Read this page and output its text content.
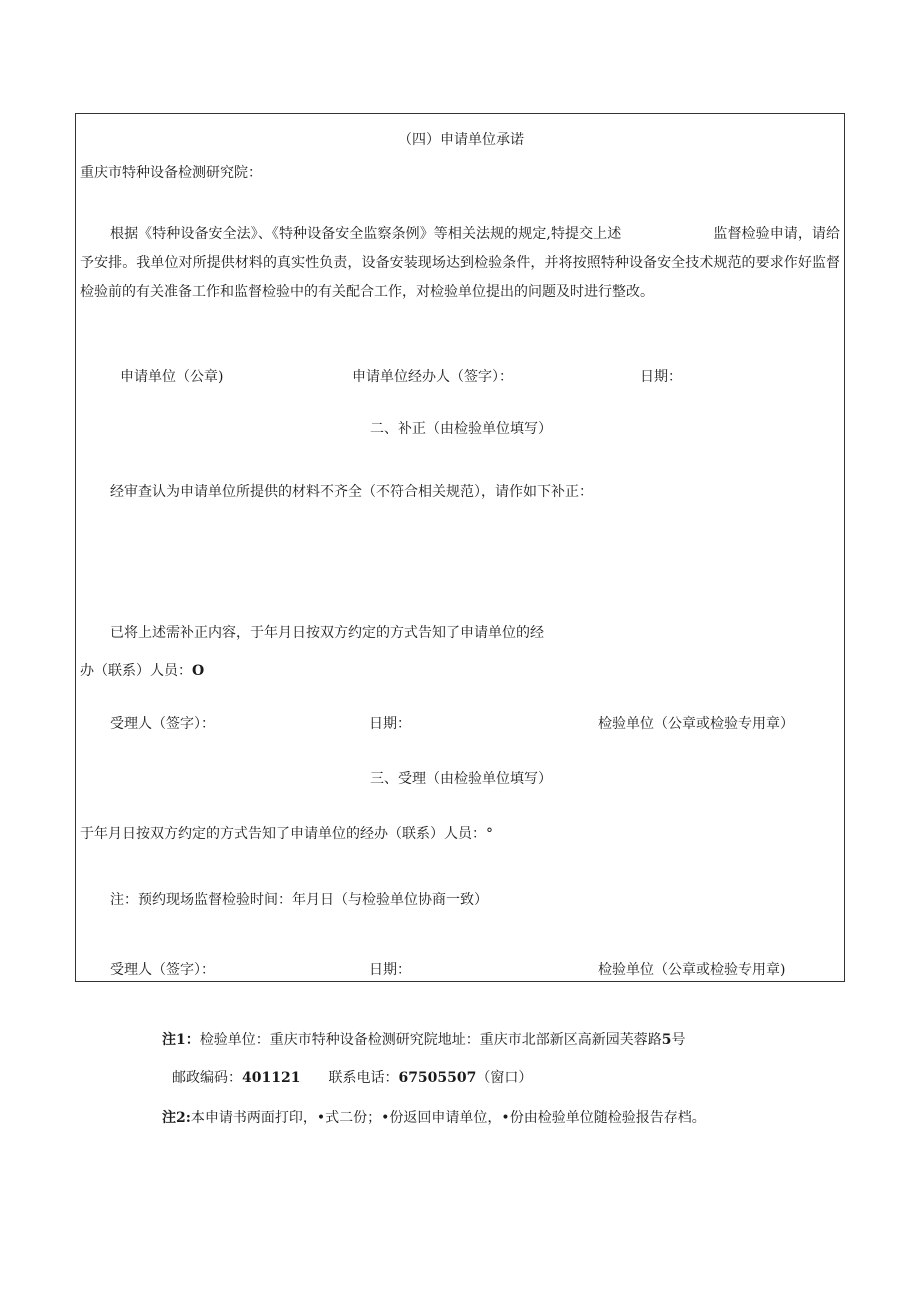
（四）申请单位承诺
重庆市特种设备检测研究院：
根据《特种设备安全法》、《特种设备安全监察条例》等相关法规的规定,特提交上述	监督检验申请，请给予安排。我单位对所提供材料的真实性负责，设备安装现场达到检验条件，并将按照特种设备安全技术规范的要求作好监督检验前的有关准备工作和监督检验中的有关配合工作，对检验单位提出的问题及时进行整改。
申请单位（公章)	申请单位经办人（签字）：	日期：
二、补正（由检验单位填写）
经审查认为申请单位所提供的材料不齐全（不符合相关规范），请作如下补正：
已将上述需补正内容，于年月日按双方约定的方式告知了申请单位的经
办（联系）人员：O
受理人（签字）：	日期：	检验单位（公章或检验专用章）
三、受理（由检验单位填写）
于年月日按双方约定的方式告知了申请单位的经办（联系）人员：°
注：预约现场监督检验时间：年月日（与检验单位协商一致）
受理人（签字）：	日期：	检验单位（公章或检验专用章)
注1：检验单位：重庆市特种设备检测研究院地址：重庆市北部新区高新园芙蓉路5号
邮政编码：401121 联系电话：67505507（窗口）
注2:本申请书两面打印，•式二份；•份返回申请单位，•份由检验单位随检验报告存档。
